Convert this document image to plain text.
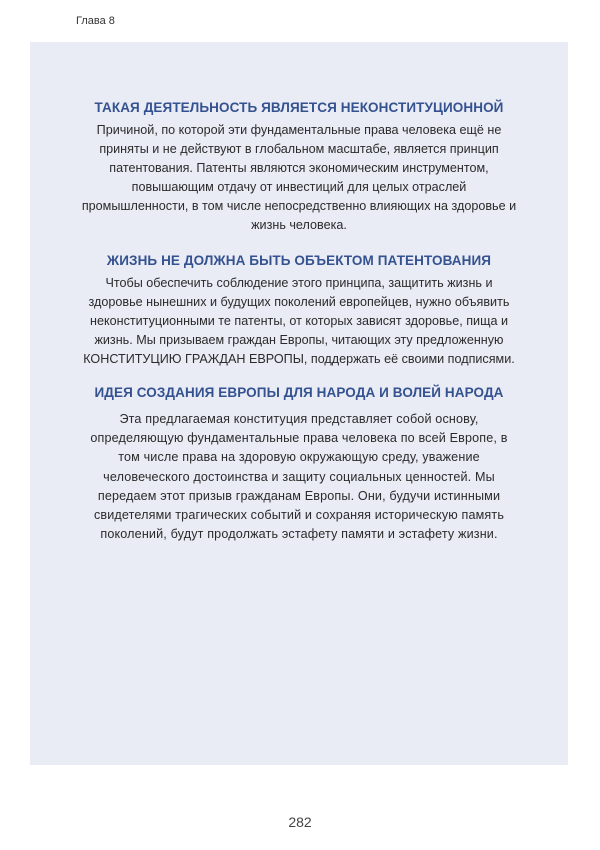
Глава 8
ТАКАЯ ДЕЯТЕЛЬНОСТЬ ЯВЛЯЕТСЯ НЕКОНСТИТУЦИОННОЙ
Причиной, по которой эти фундаментальные права человека ещё не
приняты и не действуют в глобальном масштабе, является принцип
патентования. Патенты являются экономическим инструментом,
повышающим отдачу от инвестиций для целых отраслей
промышленности, в том числе непосредственно влияющих на здоровье и
жизнь человека.
ЖИЗНЬ НЕ ДОЛЖНА БЫТЬ ОБЪЕКТОМ ПАТЕНТОВАНИЯ
Чтобы обеспечить соблюдение этого принципа, защитить жизнь и
здоровье нынешних и будущих поколений европейцев, нужно объявить
неконституционными те патенты, от которых зависят здоровье, пища и
жизнь. Мы призываем граждан Европы, читающих эту предложенную
КОНСТИТУЦИЮ ГРАЖДАН ЕВРОПЫ, поддержать её своими подписями.
ИДЕЯ СОЗДАНИЯ ЕВРОПЫ ДЛЯ НАРОДА И ВОЛЕЙ НАРОДА
Эта предлагаемая конституция представляет собой основу,
определяющую фундаментальные права человека по всей Европе, в
том числе права на здоровую окружающую среду, уважение
человеческого достоинства и защиту социальных ценностей. Мы
передаем этот призыв гражданам Европы. Они, будучи истинными
свидетелями трагических событий и сохраняя историческую память
поколений, будут продолжать эстафету памяти и эстафету жизни.
282
